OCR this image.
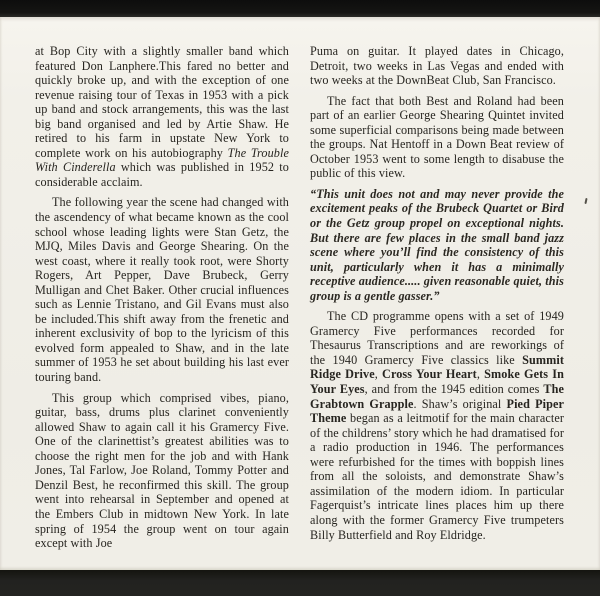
at Bop City with a slightly smaller band which featured Don Lanphere.This fared no better and quickly broke up, and with the exception of one revenue raising tour of Texas in 1953 with a pick up band and stock arrangements, this was the last big band organised and led by Artie Shaw. He retired to his farm in upstate New York to complete work on his autobiography The Trouble With Cinderella which was published in 1952 to considerable acclaim.

The following year the scene had changed with the ascendency of what became known as the cool school whose leading lights were Stan Getz, the MJQ, Miles Davis and George Shearing. On the west coast, where it really took root, were Shorty Rogers, Art Pepper, Dave Brubeck, Gerry Mulligan and Chet Baker. Other crucial influences such as Lennie Tristano, and Gil Evans must also be included.This shift away from the frenetic and inherent exclusivity of bop to the lyricism of this evolved form appealed to Shaw, and in the late summer of 1953 he set about building his last ever touring band.

This group which comprised vibes, piano, guitar, bass, drums plus clarinet conveniently allowed Shaw to again call it his Gramercy Five. One of the clarinettist’s greatest abilities was to choose the right men for the job and with Hank Jones, Tal Farlow, Joe Roland, Tommy Potter and Denzil Best, he reconfirmed this skill. The group went into rehearsal in September and opened at the Embers Club in midtown New York. In late spring of 1954 the group went on tour again except with Joe

Puma on guitar. It played dates in Chicago, Detroit, two weeks in Las Vegas and ended with two weeks at the DownBeat Club, San Francisco.

The fact that both Best and Roland had been part of an earlier George Shearing Quintet invited some superficial comparisons being made between the groups. Nat Hentoff in a Down Beat review of October 1953 went to some length to disabuse the public of this view.

“This unit does not and may never provide the excitement peaks of the Brubeck Quartet or Bird or the Getz group propel on exceptional nights. But there are few places in the small band jazz scene where you’ll find the consistency of this unit, particularly when it has a minimally receptive audience..... given reasonable quiet, this group is a gentle gasser.”

The CD programme opens with a set of 1949 Gramercy Five performances recorded for Thesaurus Transcriptions and are reworkings of the 1940 Gramercy Five classics like Summit Ridge Drive, Cross Your Heart, Smoke Gets In Your Eyes, and from the 1945 edition comes The Grabtown Grapple. Shaw’s original Pied Piper Theme began as a leitmotif for the main character of the childrens’ story which he had dramatised for a radio production in 1946. The performances were refurbished for the times with boppish lines from all the soloists, and demonstrate Shaw’s assimilation of the modern idiom. In particular Fagerquist’s intricate lines places him up there along with the former Gramercy Five trumpeters Billy Butterfield and Roy Eldridge.
